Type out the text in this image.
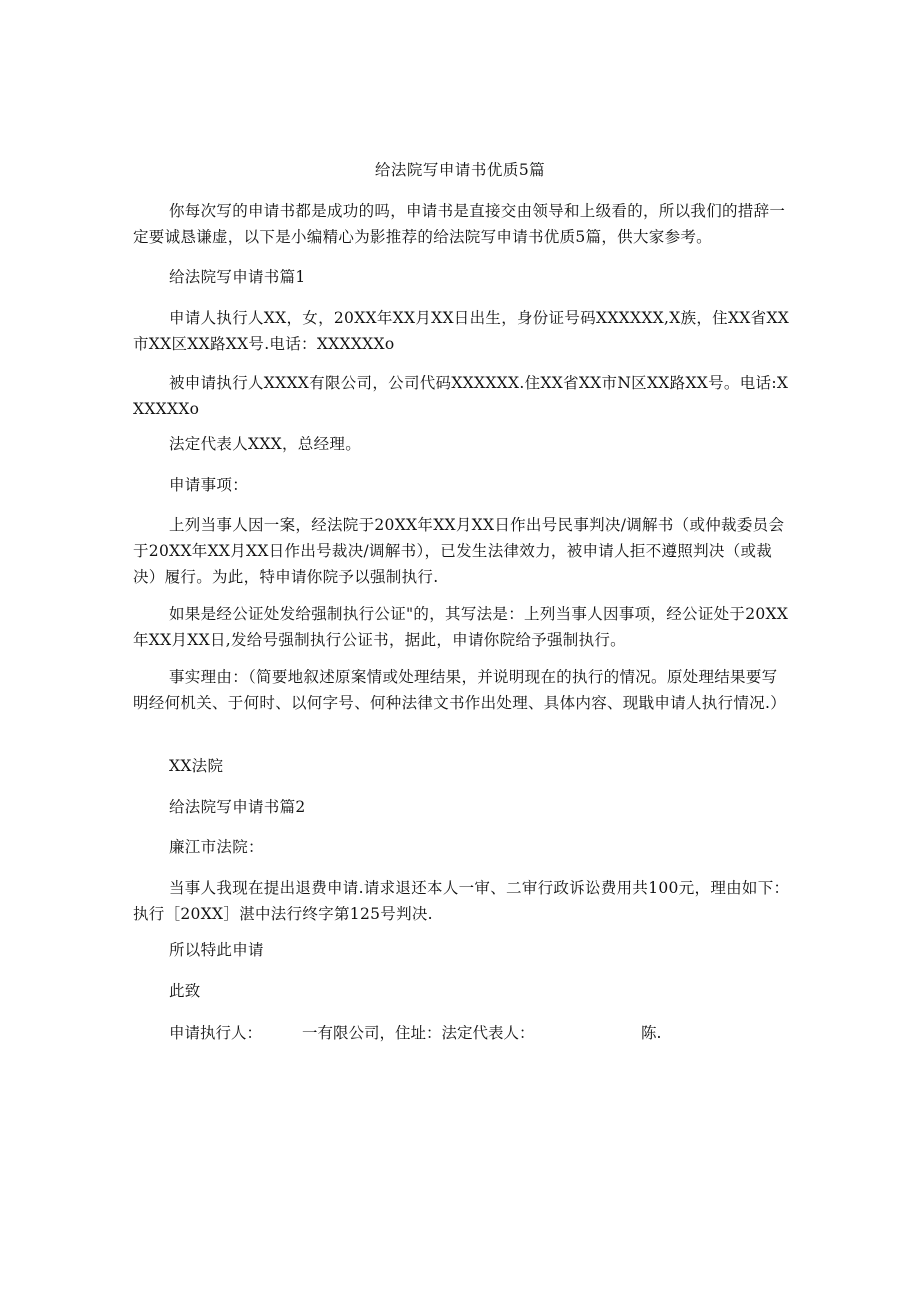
给法院写申请书优质5篇

你每次写的申请书都是成功的吗，申请书是直接交由领导和上级看的，所以我们的措辞一定要诚恳谦虚，以下是小编精心为影推荐的给法院写申请书优质5篇，供大家参考。

给法院写申请书篇1

申请人执行人XX，女，20XX年XX月XX日出生，身份证号码XXXXXX,X族，住XX省XX市XX区XX路XX号.电话：XXXXXXo

被申请执行人XXXX有限公司，公司代码XXXXXX.住XX省XX市N区XX路XX号。电话:XXXXXXo

法定代表人XXX，总经理。

申请事项：

上列当事人因一案，经法院于20XX年XX月XX日作出号民事判决/调解书（或仲裁委员会于20XX年XX月XX日作出号裁决/调解书），已发生法律效力，被申请人拒不遵照判决（或裁决）履行。为此，特申请你院予以强制执行.

如果是经公证处发给强制执行公证"的，其写法是：上列当事人因事项，经公证处于20XX年XX月XX日,发给号强制执行公证书，据此，申请你院给予强制执行。

事实理由：（简要地叙述原案情或处理结果，并说明现在的执行的情况。原处理结果要写明经何机关、于何时、以何字号、何种法律文书作出处理、具体内容、现戢申请人执行情况.）

XX法院

给法院写申请书篇2

廉江市法院：

当事人我现在提出退费申请.请求退还本人一审、二审行政诉讼费用共100元，理由如下：执行［20XX］湛中法行终字第125号判决.

所以特此申请

此致

申请执行人：	一有限公司，住址：法定代表人：	陈.
